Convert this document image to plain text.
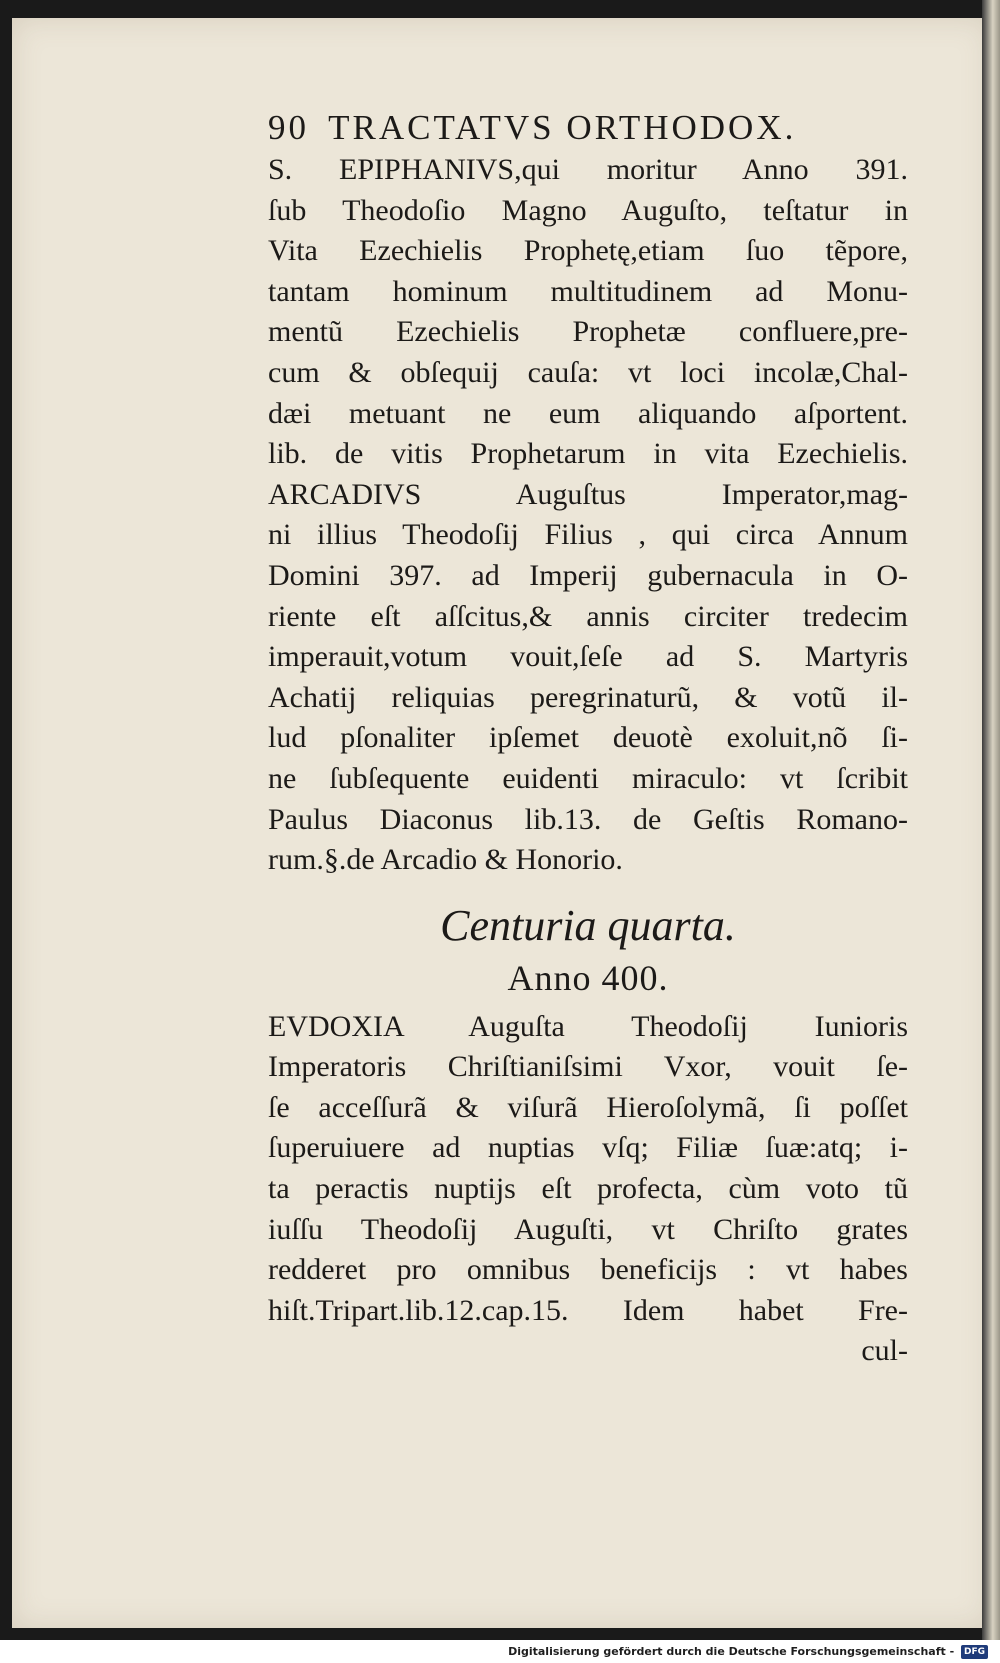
90 TRACTATVS ORTHODOX.
S. EPIPHANIVS,qui moritur Anno 391.
ſub Theodoſio Magno Auguſto, teſtatur in
Vita Ezechielis Prophetę,etiam ſuo tẽpore,
tantam hominum multitudinem ad Monu-
mentũ Ezechielis Prophetæ confluere,pre-
cum & obſequij cauſa: vt loci incolæ,Chal-
dæi metuant ne eum aliquando aſportent.
lib. de vitis Prophetarum in vita Ezechielis.
ARCADIVS Auguſtus Imperator,mag-
ni illius Theodoſij Filius , qui circa Annum
Domini 397. ad Imperij gubernacula in O-
riente eſt aſſcitus,& annis circiter tredecim
imperauit,votum vouit,ſeſe ad S. Martyris
Achatij reliquias peregrinaturũ, & votũ il-
lud pſonaliter ipſemet deuotè exoluit,nõ ſi-
ne ſubſequente euidenti miraculo: vt ſcribit
Paulus Diaconus lib.13. de Geſtis Romano-
rum.§.de Arcadio & Honorio.
Centuria quarta.
Anno 400.
EVDOXIA Auguſta Theodoſij Iunioris
Imperatoris Chriſtianiſsimi Vxor, vouit ſe-
ſe acceſſurã & viſurã Hieroſolymã, ſi poſſet
ſuperuiuere ad nuptias vſq; Filiæ ſuæ:atq; i-
ta peractis nuptijs eſt profecta, cùm voto tũ
iuſſu Theodoſij Auguſti, vt Chriſto grates
redderet pro omnibus beneficijs : vt habes
hiſt.Tripart.lib.12.cap.15. Idem habet Fre-
cul-
Digitalisierung gefördert durch die Deutsche Forschungsgemeinschaft - DFG
